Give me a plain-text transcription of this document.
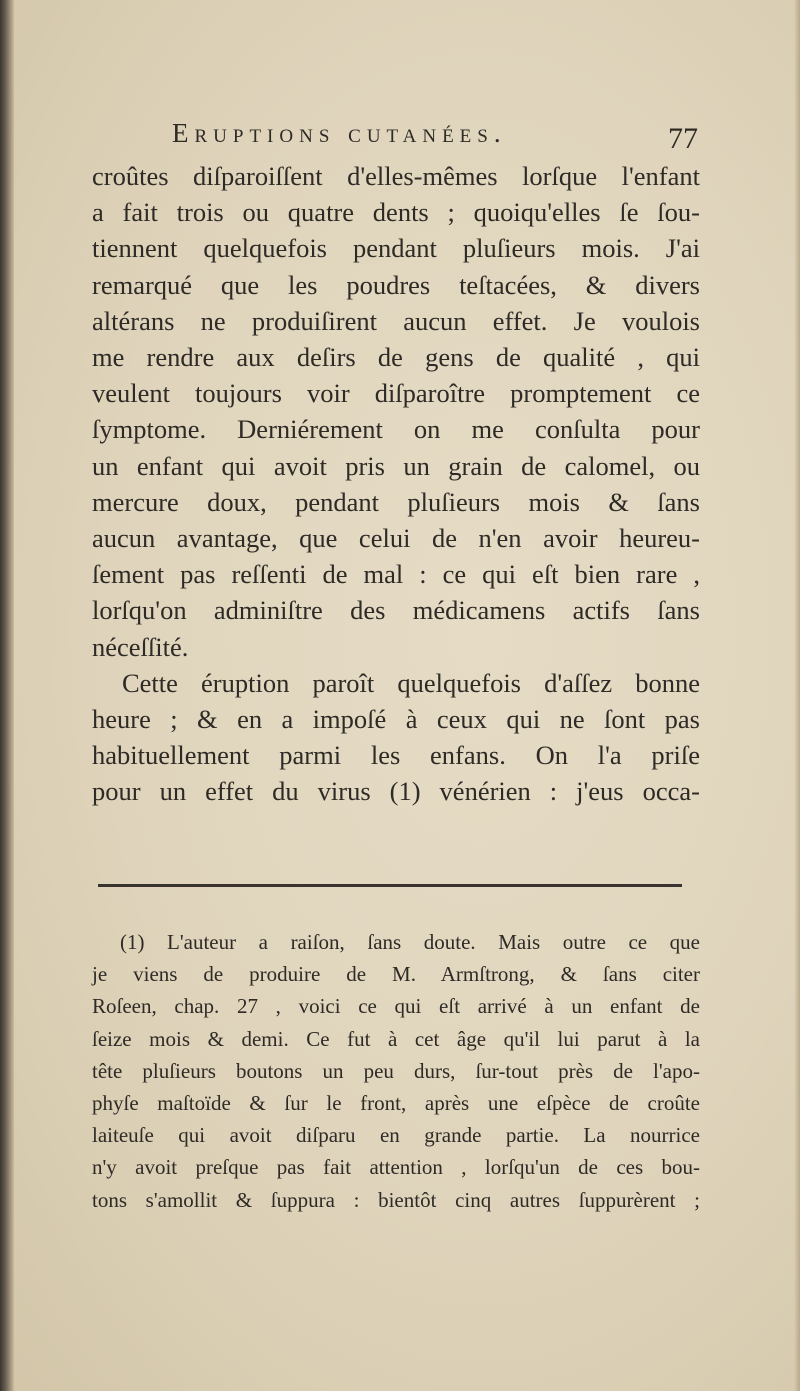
Eruptions cutanées.	77

croûtes diſparoiſſent d'elles-mêmes lorſque l'enfant
a fait trois ou quatre dents ; quoiqu'elles ſe ſou-
tiennent quelquefois pendant pluſieurs mois. J'ai
remarqué que les poudres teſtacées, & divers
altérans ne produiſirent aucun effet. Je voulois
me rendre aux deſirs de gens de qualité , qui
veulent toujours voir diſparoître promptement ce
ſymptome. Derniérement on me conſulta pour
un enfant qui avoit pris un grain de calomel, ou
mercure doux, pendant pluſieurs mois & ſans
aucun avantage, que celui de n'en avoir heureu-
ſement pas reſſenti de mal : ce qui eſt bien rare ,
lorſqu'on adminiſtre des médicamens actifs ſans
néceſſité.
Cette éruption paroît quelquefois d'aſſez bonne
heure ; & en a impoſé à ceux qui ne ſont pas
habituellement parmi les enfans. On l'a priſe
pour un effet du virus (1) vénérien : j'eus occa-

(1) L'auteur a raiſon, ſans doute. Mais outre ce que
je viens de produire de M. Armſtrong, & ſans citer
Roſeen, chap. 27 , voici ce qui eſt arrivé à un enfant de
ſeize mois & demi. Ce fut à cet âge qu'il lui parut à la
tête pluſieurs boutons un peu durs, ſur-tout près de l'apo-
phyſe maſtoïde & ſur le front, après une eſpèce de croûte
laiteuſe qui avoit diſparu en grande partie. La nourrice
n'y avoit preſque pas fait attention , lorſqu'un de ces bou-
tons s'amollit & ſuppura : bientôt cinq autres ſuppurèrent ;
